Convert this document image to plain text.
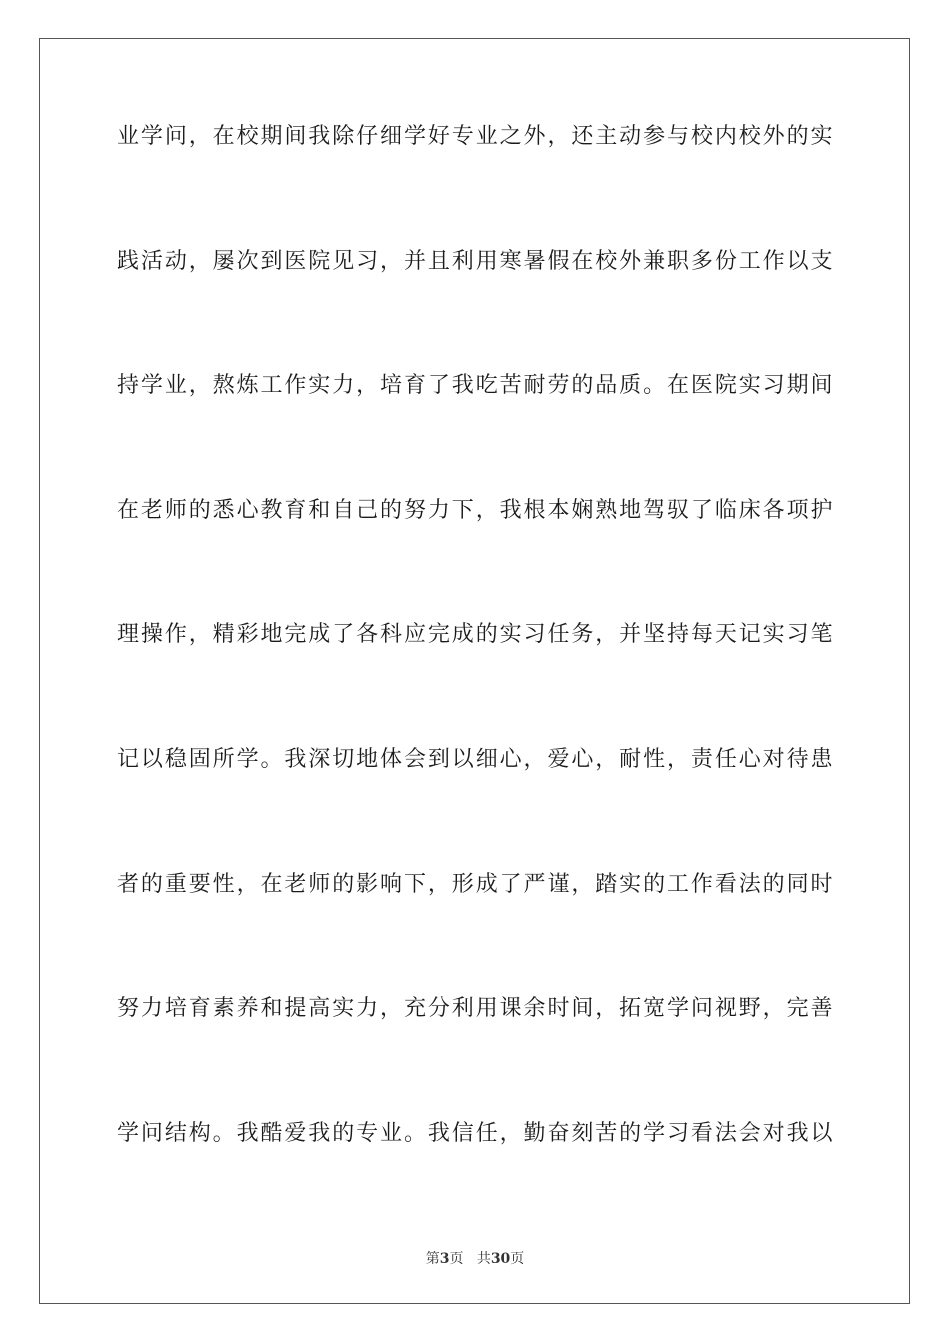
业学问，在校期间我除仔细学好专业之外，还主动参与校内校外的实
践活动，屡次到医院见习，并且利用寒暑假在校外兼职多份工作以支
持学业，熬炼工作实力，培育了我吃苦耐劳的品质。在医院实习期间
在老师的悉心教育和自己的努力下，我根本娴熟地驾驭了临床各项护
理操作，精彩地完成了各科应完成的实习任务，并坚持每天记实习笔
记以稳固所学。我深切地体会到以细心，爱心，耐性，责任心对待患
者的重要性，在老师的影响下，形成了严谨，踏实的工作看法的同时
努力培育素养和提高实力，充分利用课余时间，拓宽学问视野，完善
学问结构。我酷爱我的专业。我信任，勤奋刻苦的学习看法会对我以
第3页 共30页
